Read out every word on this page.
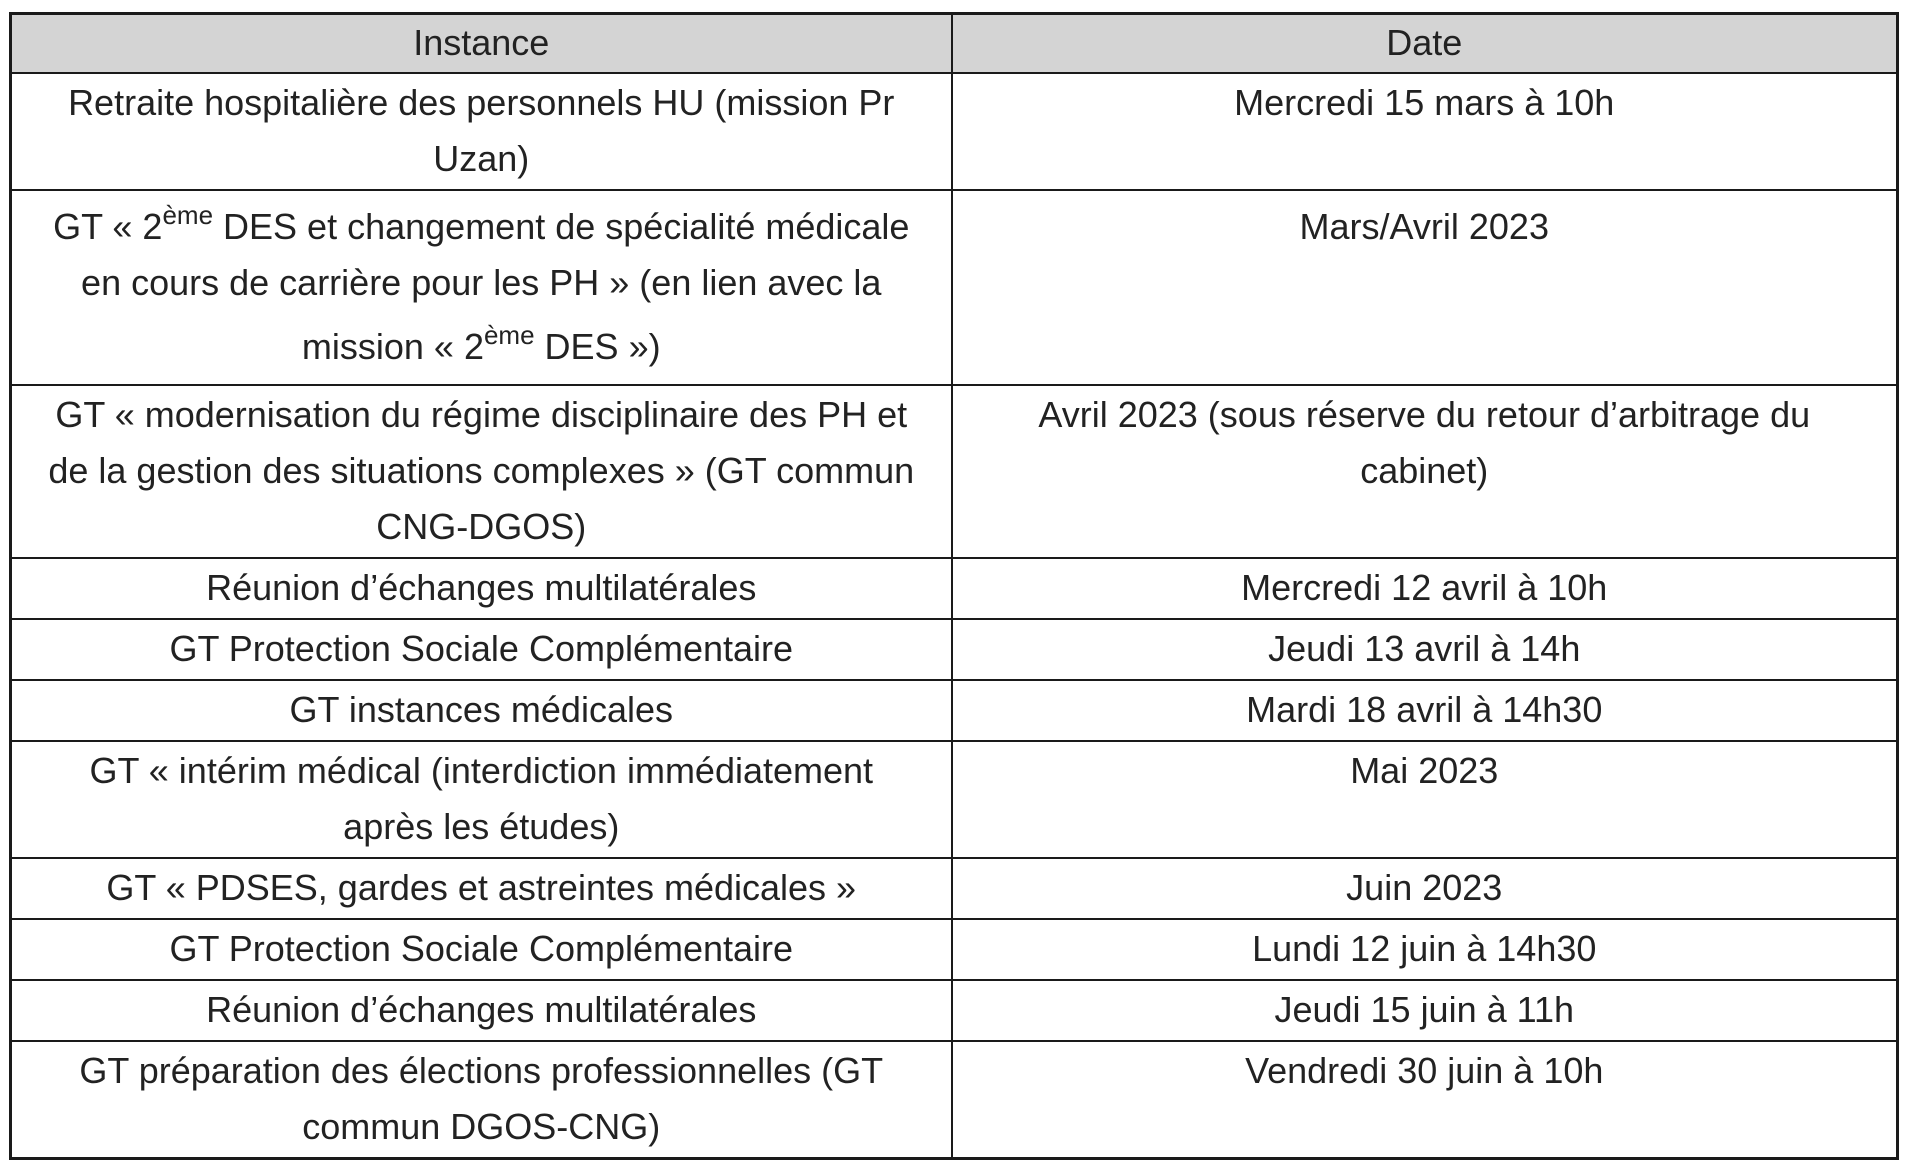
Instance	Date

Retraite hospitalière des personnels HU (mission Pr
Uzan)	Mercredi 15 mars à 10h

GT « 2ème DES et changement de spécialité médicale
en cours de carrière pour les PH » (en lien avec la
mission « 2ème DES »)	Mars/Avril 2023

GT « modernisation du régime disciplinaire des PH et
de la gestion des situations complexes » (GT commun
CNG-DGOS)	Avril 2023 (sous réserve du retour d’arbitrage du
cabinet)

Réunion d’échanges multilatérales	Mercredi 12 avril à 10h
GT Protection Sociale Complémentaire	Jeudi 13 avril à 14h
GT instances médicales	Mardi 18 avril à 14h30

GT « intérim médical (interdiction immédiatement
après les études)	Mai 2023
GT « PDSES, gardes et astreintes médicales »	Juin 2023
GT Protection Sociale Complémentaire	Lundi 12 juin à 14h30
Réunion d’échanges multilatérales	Jeudi 15 juin à 11h

GT préparation des élections professionnelles (GT
commun DGOS-CNG)	Vendredi 30 juin à 10h
